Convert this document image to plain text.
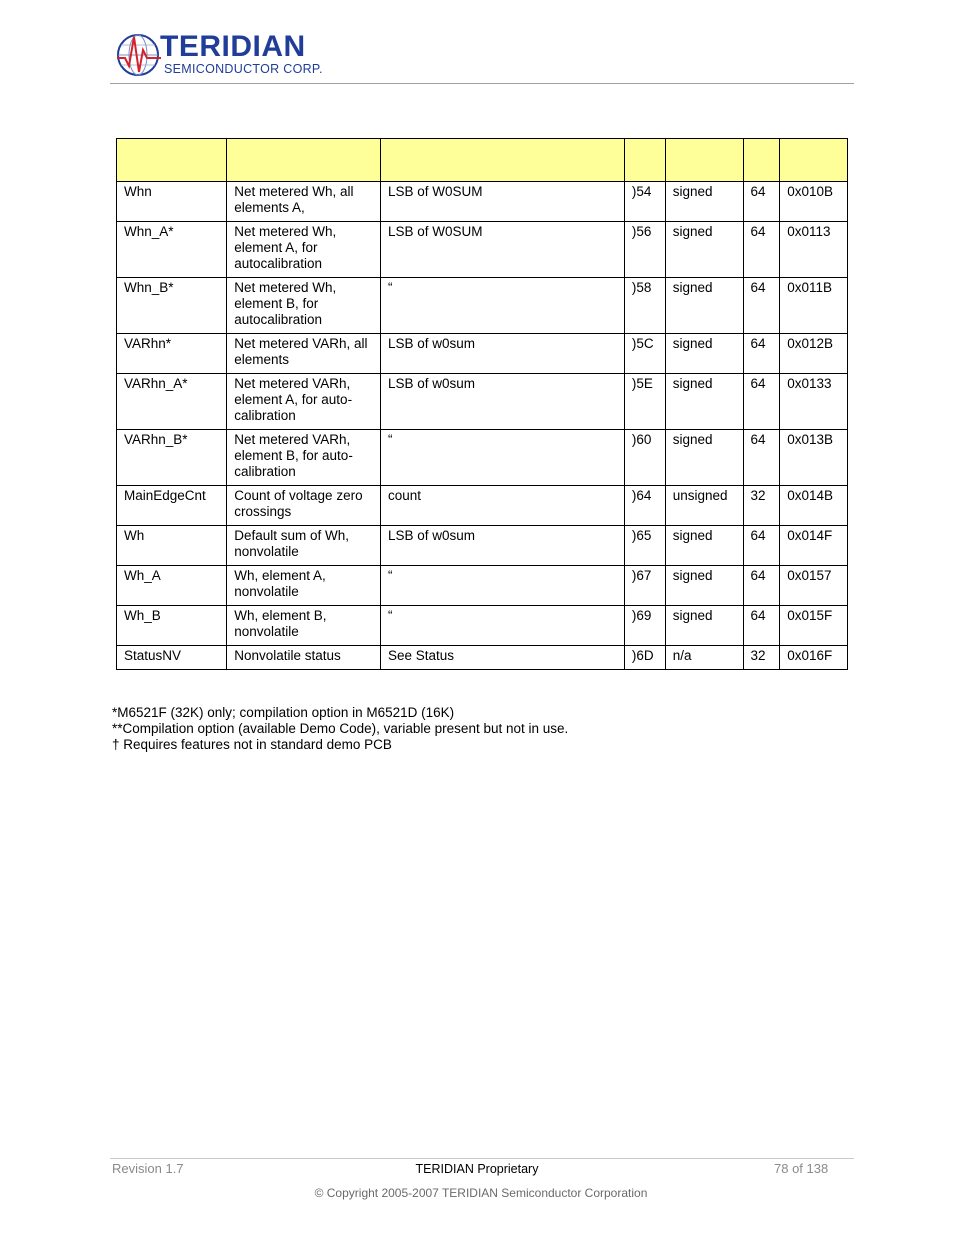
TERIDIAN
SEMICONDUCTOR CORP.

Whn	Net metered Wh, all elements A,	LSB of W0SUM	)54	signed	64	0x010B
Whn_A*	Net metered Wh, element A, for autocalibration	LSB of W0SUM	)56	signed	64	0x0113
Whn_B*	Net metered Wh, element B, for autocalibration	“	)58	signed	64	0x011B
VARhn*	Net metered VARh, all elements	LSB of w0sum	)5C	signed	64	0x012B
VARhn_A*	Net metered VARh, element A, for auto-calibration	LSB of w0sum	)5E	signed	64	0x0133
VARhn_B*	Net metered VARh, element B, for auto-calibration	“	)60	signed	64	0x013B
MainEdgeCnt	Count of voltage zero crossings	count	)64	unsigned	32	0x014B
Wh	Default sum of Wh, nonvolatile	LSB of w0sum	)65	signed	64	0x014F
Wh_A	Wh, element A, nonvolatile	“	)67	signed	64	0x0157
Wh_B	Wh, element B, nonvolatile	“	)69	signed	64	0x015F
StatusNV	Nonvolatile status	See Status	)6D	n/a	32	0x016F
*M6521F (32K) only; compilation option in M6521D (16K)
**Compilation option (available Demo Code), variable present but not in use.
† Requires features not in standard demo PCB
Revision 1.7	TERIDIAN Proprietary	78 of 138
© Copyright 2005-2007 TERIDIAN Semiconductor Corporation
